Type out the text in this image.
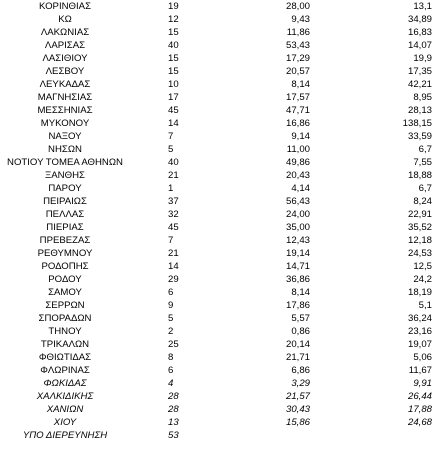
ΚΟΡΙΝΘΙΑΣ	19	28,00	13,1
ΚΩ	12	9,43	34,89
ΛΑΚΩΝΙΑΣ	15	11,86	16,83
ΛΑΡΙΣΑΣ	40	53,43	14,07
ΛΑΣΙΘΙΟΥ	15	17,29	19,9
ΛΕΣΒΟΥ	15	20,57	17,35
ΛΕΥΚΑΔΑΣ	10	8,14	42,21
ΜΑΓΝΗΣΙΑΣ	17	17,57	8,95
ΜΕΣΣΗΝΙΑΣ	45	47,71	28,13
ΜΥΚΟΝΟΥ	14	16,86	138,15
ΝΑΞΟΥ	7	9,14	33,59
ΝΗΣΩΝ	5	11,00	6,7
ΝΟΤΙΟΥ ΤΟΜΕΑ ΑΘΗΝΩΝ	40	49,86	7,55
ΞΑΝΘΗΣ	21	20,43	18,88
ΠΑΡΟΥ	1	4,14	6,7
ΠΕΙΡΑΙΩΣ	37	56,43	8,24
ΠΕΛΛΑΣ	32	24,00	22,91
ΠΙΕΡΙΑΣ	45	35,00	35,52
ΠΡΕΒΕΖΑΣ	7	12,43	12,18
ΡΕΘΥΜΝΟΥ	21	19,14	24,53
ΡΟΔΟΠΗΣ	14	14,71	12,5
ΡΟΔΟΥ	29	36,86	24,2
ΣΑΜΟΥ	6	8,14	18,19
ΣΕΡΡΩΝ	9	17,86	5,1
ΣΠΟΡΑΔΩΝ	5	5,57	36,24
ΤΗΝΟΥ	2	0,86	23,16
ΤΡΙΚΑΛΩΝ	25	20,14	19,07
ΦΘΙΩΤΙΔΑΣ	8	21,71	5,06
ΦΛΩΡΙΝΑΣ	6	6,86	11,67
ΦΩΚΙΔΑΣ	4	3,29	9,91
ΧΑΛΚΙΔΙΚΗΣ	28	21,57	26,44
ΧΑΝΙΩΝ	28	30,43	17,88
ΧΙΟΥ	13	15,86	24,68
ΥΠΟ ΔΙΕΡΕΥΝΗΣΗ	53
